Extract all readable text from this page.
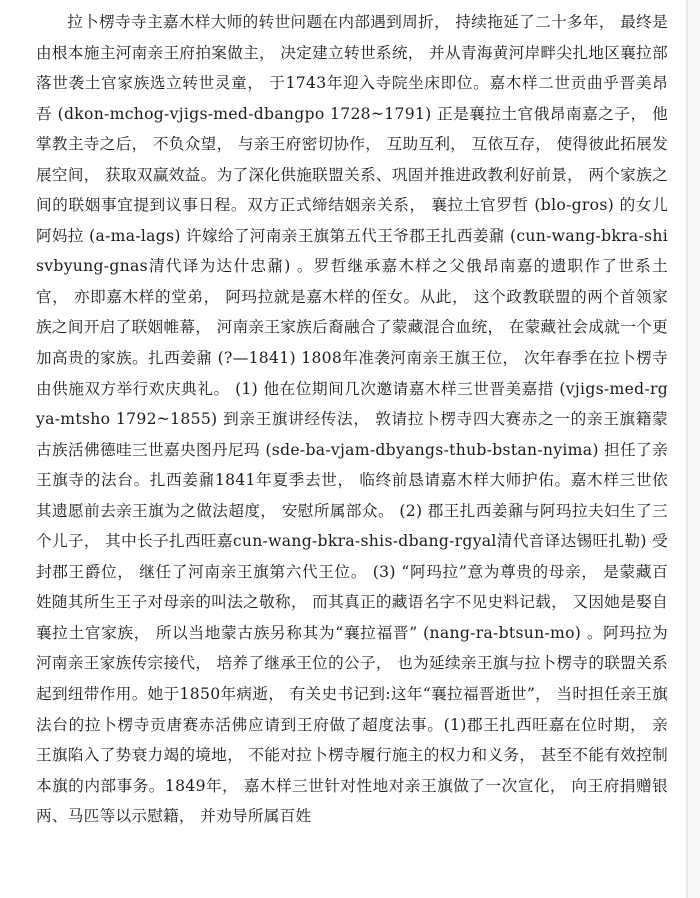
拉卜楞寺寺主嘉木样大师的转世问题在内部遇到周折， 持续拖延了二十多年， 最终是由根本施主河南亲王府拍案做主， 决定建立转世系统， 并从青海黄河岸畔尖扎地区襄拉部落世袭土官家族选立转世灵童， 于1743年迎入寺院坐床即位。嘉木样二世贡曲乎晋美昂吾 (dkon-mchog-vjigs-med-dbangpo 1728~1791) 正是襄拉土官俄昂南嘉之子， 他掌教主寺之后， 不负众望， 与亲王府密切协作， 互助互利， 互依互存， 使得彼此拓展发展空间， 获取双赢效益。为了深化供施联盟关系、巩固并推进政教利好前景， 两个家族之间的联姻事宜提到议事日程。双方正式缔结姻亲关系， 襄拉土官罗哲 (blo-gros) 的女儿阿妈拉 (a-ma-lags) 许嫁给了河南亲王旗第五代王爷郡王扎西姜鼐 (cun-wang-bkra-shisvbyung-gnas清代译为达什忠鼐) 。罗哲继承嘉木样之父俄昂南嘉的遗职作了世系土官， 亦即嘉木样的堂弟， 阿玛拉就是嘉木样的侄女。从此， 这个政教联盟的两个首领家族之间开启了联姻帷幕， 河南亲王家族后裔融合了蒙藏混合血统， 在蒙藏社会成就一个更加高贵的家族。扎西姜鼐 (?—1841) 1808年准袭河南亲王旗王位， 次年春季在拉卜楞寺由供施双方举行欢庆典礼。 (1) 他在位期间几次邀请嘉木样三世晋美嘉措 (vjigs-med-rgya-mtsho 1792~1855) 到亲王旗讲经传法， 敦请拉卜楞寺四大赛赤之一的亲王旗籍蒙古族活佛德哇三世嘉央图丹尼玛 (sde-ba-vjam-dbyangs-thub-bstan-nyima) 担任了亲王旗寺的法台。扎西姜鼐1841年夏季去世， 临终前恳请嘉木样大师护佑。嘉木样三世依其遗愿前去亲王旗为之做法超度， 安慰所属部众。 (2) 郡王扎西姜鼐与阿玛拉夫妇生了三个儿子， 其中长子扎西旺嘉cun-wang-bkra-shis-dbang-rgyal清代音译达锡旺扎勒) 受封郡王爵位， 继任了河南亲王旗第六代王位。 (3) “阿玛拉”意为尊贵的母亲， 是蒙藏百姓随其所生王子对母亲的叫法之敬称， 而其真正的藏语名字不见史料记载， 又因她是娶自襄拉土官家族， 所以当地蒙古族另称其为“襄拉福晋” (nang-ra-btsun-mo) 。阿玛拉为河南亲王家族传宗接代， 培养了继承王位的公子， 也为延续亲王旗与拉卜楞寺的联盟关系起到纽带作用。她于1850年病逝， 有关史书记到:这年“襄拉福晋逝世”， 当时担任亲王旗法台的拉卜楞寺贡唐赛赤活佛应请到王府做了超度法事。(1)郡王扎西旺嘉在位时期， 亲王旗陷入了势衰力竭的境地， 不能对拉卜楞寺履行施主的权力和义务， 甚至不能有效控制本旗的内部事务。1849年， 嘉木样三世针对性地对亲王旗做了一次宣化， 向王府捐赠银两、马匹等以示慰籍， 并劝导所属百姓
